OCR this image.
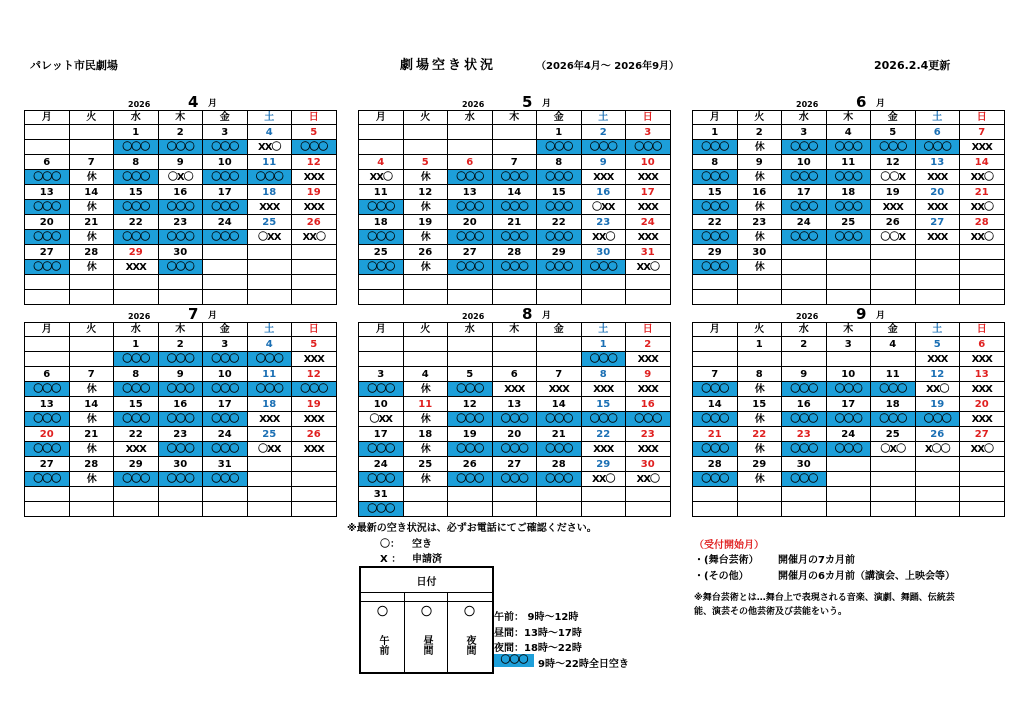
パレット市民劇場	劇場空き状況	（2026年4月～ 2026年9月）	2026.2.4更新
2026	4 月
月	火	水	木	金	土	日
		1	2	3	4	5
		〇〇〇	〇〇〇	〇〇〇	XX〇	〇〇〇
6	7	8	9	10	11	12
〇〇〇	休	〇〇〇	〇X〇	〇〇〇	〇〇〇	XXX
13	14	15	16	17	18	19
〇〇〇	休	〇〇〇	〇〇〇	〇〇〇	XXX	XXX
20	21	22	23	24	25	26
〇〇〇	休	〇〇〇	〇〇〇	〇〇〇	〇XX	XX〇
27	28	29	30			
〇〇〇	休	XXX	〇〇〇			

2026	5 月
月	火	水	木	金	土	日
				1	2	3
				〇〇〇	〇〇〇	〇〇〇
4	5	6	7	8	9	10
XX〇	休	〇〇〇	〇〇〇	〇〇〇	XXX	XXX
11	12	13	14	15	16	17
〇〇〇	休	〇〇〇	〇〇〇	〇〇〇	〇XX	XXX
18	19	20	21	22	23	24
〇〇〇	休	〇〇〇	〇〇〇	〇〇〇	XX〇	XXX
25	26	27	28	29	30	31
〇〇〇	休	〇〇〇	〇〇〇	〇〇〇	〇〇〇	XX〇

2026	6 月
月	火	水	木	金	土	日
1	2	3	4	5	6	7
〇〇〇	休	〇〇〇	〇〇〇	〇〇〇	〇〇〇	XXX
8	9	10	11	12	13	14
〇〇〇	休	〇〇〇	〇〇〇	〇〇X	XXX	XX〇
15	16	17	18	19	20	21
〇〇〇	休	〇〇〇	〇〇〇	XXX	XXX	XX〇
22	23	24	25	26	27	28
〇〇〇	休	〇〇〇	〇〇〇	〇〇X	XXX	XX〇
29	30					
〇〇〇	休					

2026	7 月
月	火	水	木	金	土	日
		1	2	3	4	5
		〇〇〇	〇〇〇	〇〇〇	〇〇〇	XXX
6	7	8	9	10	11	12
〇〇〇	休	〇〇〇	〇〇〇	〇〇〇	〇〇〇	〇〇〇
13	14	15	16	17	18	19
〇〇〇	休	〇〇〇	〇〇〇	〇〇〇	XXX	XXX
20	21	22	23	24	25	26
〇〇〇	休	XXX	〇〇〇	〇〇〇	〇XX	XXX
27	28	29	30	31		
〇〇〇	休	〇〇〇	〇〇〇	〇〇〇		

2026	8 月
月	火	水	木	金	土	日
					1	2
					〇〇〇	XXX
3	4	5	6	7	8	9
〇〇〇	休	〇〇〇	XXX	XXX	XXX	XXX
10	11	12	13	14	15	16
〇XX	休	〇〇〇	〇〇〇	〇〇〇	〇〇〇	〇〇〇
17	18	19	20	21	22	23
〇〇〇	休	〇〇〇	〇〇〇	〇〇〇	XXX	XXX
24	25	26	27	28	29	30
〇〇〇	休	〇〇〇	〇〇〇	〇〇〇	XX〇	XX〇
31						
〇〇〇						
2026	9 月
月	火	水	木	金	土	日
	1	2	3	4	5	6
					XXX	XXX
7	8	9	10	11	12	13
〇〇〇	休	〇〇〇	〇〇〇	〇〇〇	XX〇	XXX
14	15	16	17	18	19	20
〇〇〇	休	〇〇〇	〇〇〇	〇〇〇	〇〇〇	XXX
21	22	23	24	25	26	27
〇〇〇	休	〇〇〇	〇〇〇	〇X〇	X〇〇	XX〇
28	29	30				
〇〇〇	休	〇〇〇				

※最新の空き状況は、必ずお電話にてご確認ください。
〇： 空き
X ： 申請済
日付
〇
午前
〇
昼間
〇
夜間
午前： 9時～12時
昼間：13時～17時
夜間：18時～22時
〇〇〇	9時～22時全日空き
（受付開始月）
・(舞台芸術） 開催月の7カ月前
・(その他）	開催月の6カ月前（講演会、上映会等）
※舞台芸術とは…舞台上で表現される音楽、演劇、舞踊、伝統芸
能、演芸その他芸術及び芸能をいう。
